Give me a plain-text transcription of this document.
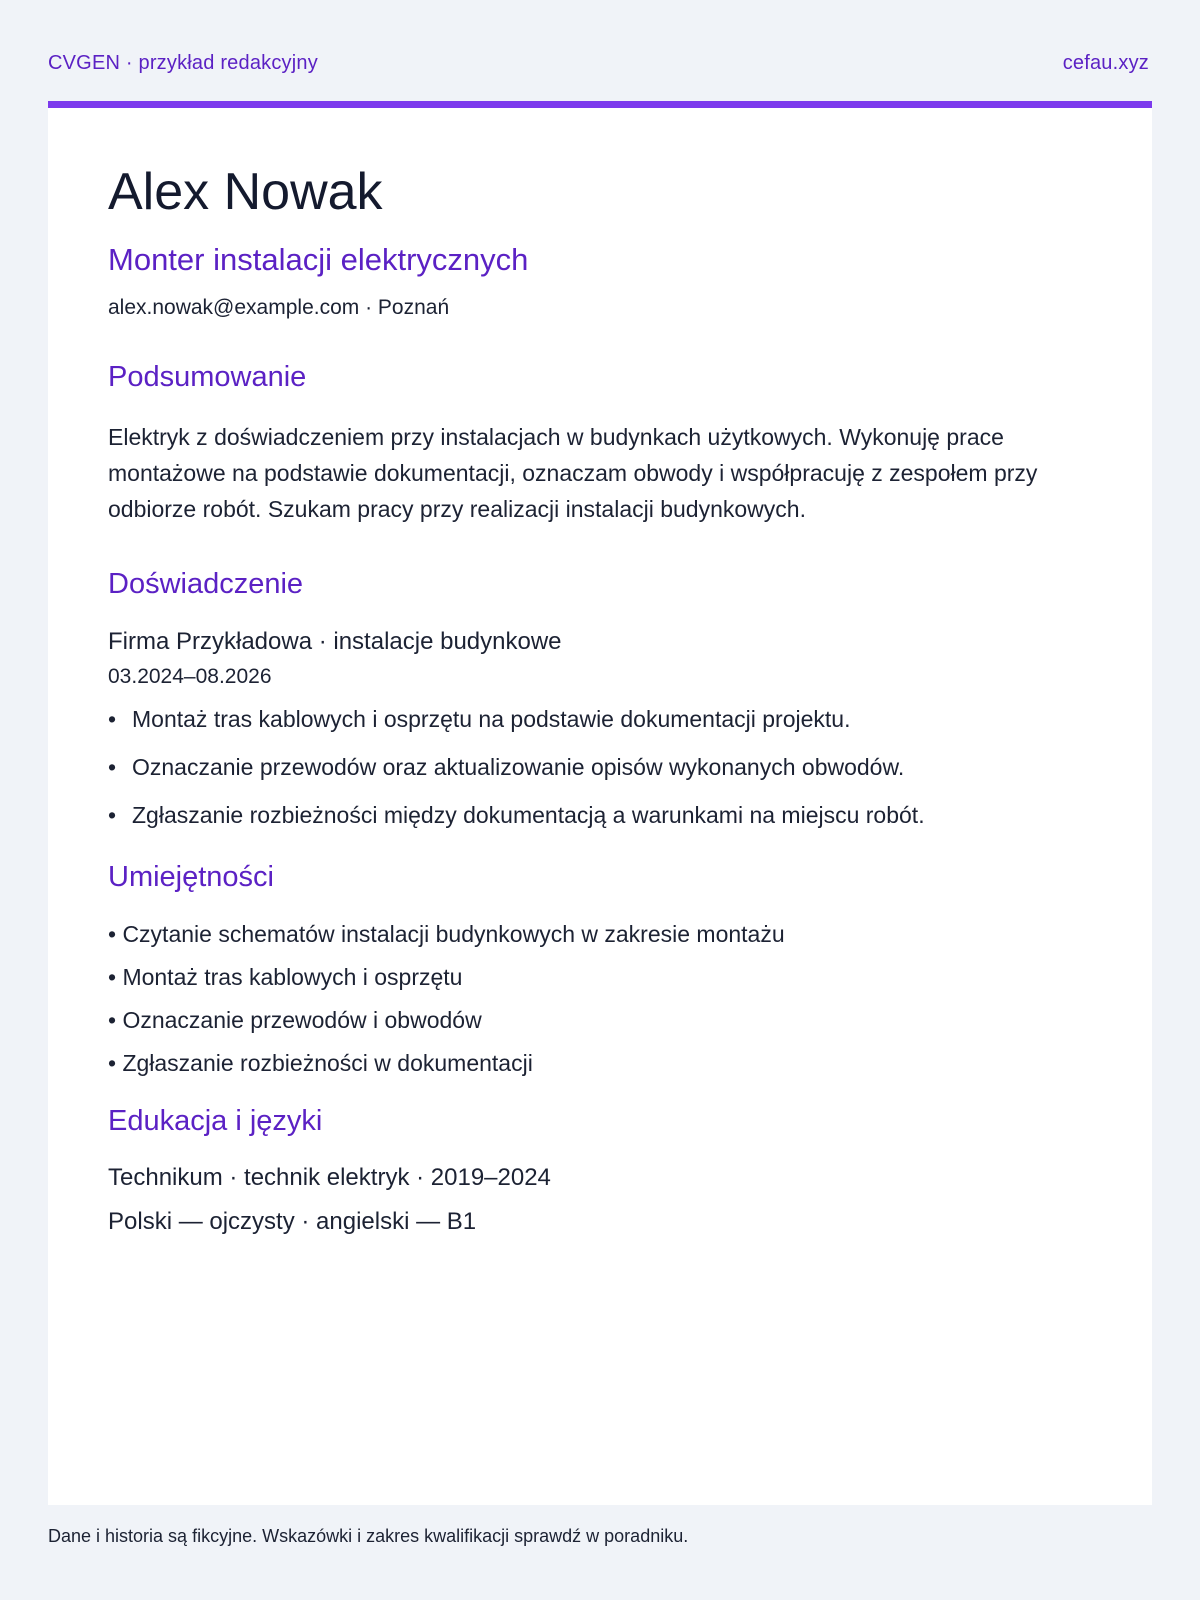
CVGEN · przykład redakcyjny	cefau.xyz
Alex Nowak
Monter instalacji elektrycznych
alex.nowak@example.com · Poznań
Podsumowanie
Elektryk z doświadczeniem przy instalacjach w budynkach użytkowych. Wykonuję prace montażowe na podstawie dokumentacji, oznaczam obwody i współpracuję z zespołem przy odbiorze robót. Szukam pracy przy realizacji instalacji budynkowych.
Doświadczenie
Firma Przykładowa · instalacje budynkowe
03.2024–08.2026
• Montaż tras kablowych i osprzętu na podstawie dokumentacji projektu.
• Oznaczanie przewodów oraz aktualizowanie opisów wykonanych obwodów.
• Zgłaszanie rozbieżności między dokumentacją a warunkami na miejscu robót.
Umiejętności
• Czytanie schematów instalacji budynkowych w zakresie montażu
• Montaż tras kablowych i osprzętu
• Oznaczanie przewodów i obwodów
• Zgłaszanie rozbieżności w dokumentacji
Edukacja i języki
Technikum · technik elektryk · 2019–2024
Polski — ojczysty · angielski — B1
Dane i historia są fikcyjne. Wskazówki i zakres kwalifikacji sprawdź w poradniku.
